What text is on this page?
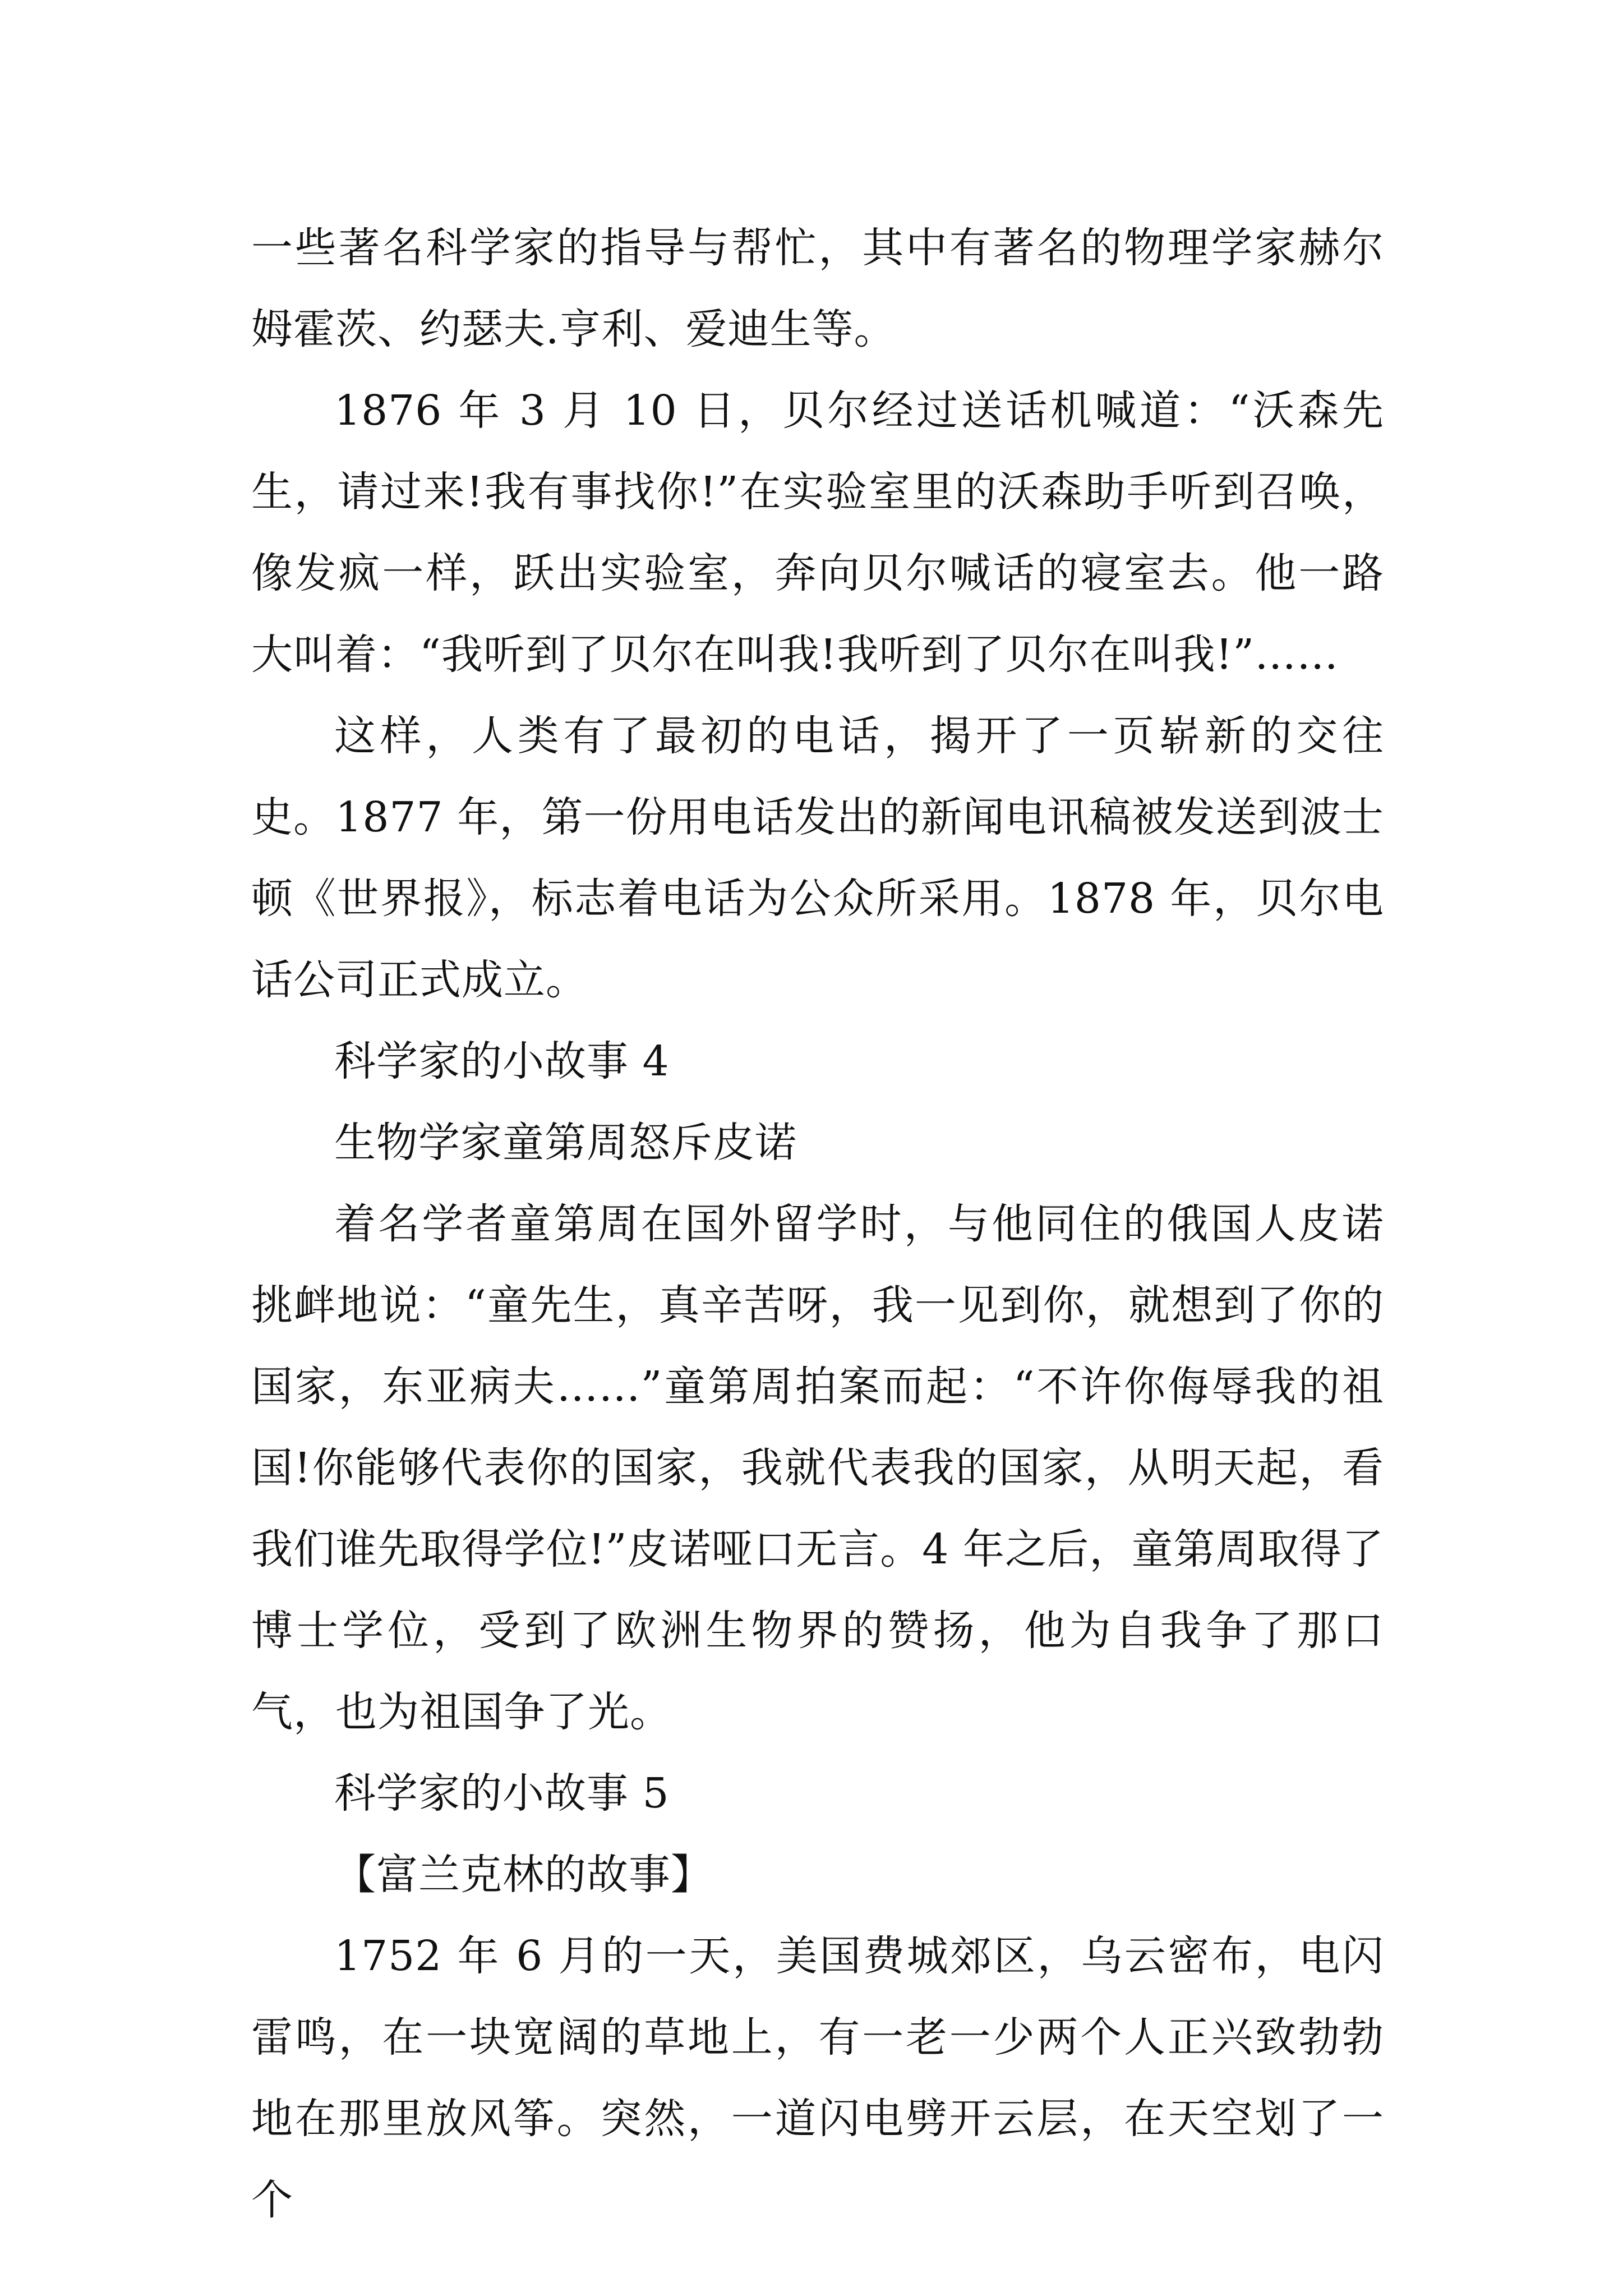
一些著名科学家的指导与帮忙，其中有著名的物理学家赫尔姆霍茨、约瑟夫.亨利、爱迪生等。

1876 年 3 月 10 日，贝尔经过送话机喊道：“沃森先生，请过来!我有事找你!”在实验室里的沃森助手听到召唤，像发疯一样，跃出实验室，奔向贝尔喊话的寝室去。他一路大叫着：“我听到了贝尔在叫我!我听到了贝尔在叫我!”……

这样，人类有了最初的电话，揭开了一页崭新的交往史。1877 年，第一份用电话发出的新闻电讯稿被发送到波士顿《世界报》，标志着电话为公众所采用。1878 年，贝尔电话公司正式成立。

科学家的小故事 4

生物学家童第周怒斥皮诺

着名学者童第周在国外留学时，与他同住的俄国人皮诺挑衅地说：“童先生，真辛苦呀，我一见到你，就想到了你的国家，东亚病夫……”童第周拍案而起：“不许你侮辱我的祖国!你能够代表你的国家，我就代表我的国家，从明天起，看我们谁先取得学位!”皮诺哑口无言。4 年之后，童第周取得了博士学位，受到了欧洲生物界的赞扬，他为自我争了那口气，也为祖国争了光。

科学家的小故事 5

【富兰克林的故事】

1752 年 6 月的一天，美国费城郊区，乌云密布，电闪雷鸣，在一块宽阔的草地上，有一老一少两个人正兴致勃勃地在那里放风筝。突然，一道闪电劈开云层，在天空划了一个
